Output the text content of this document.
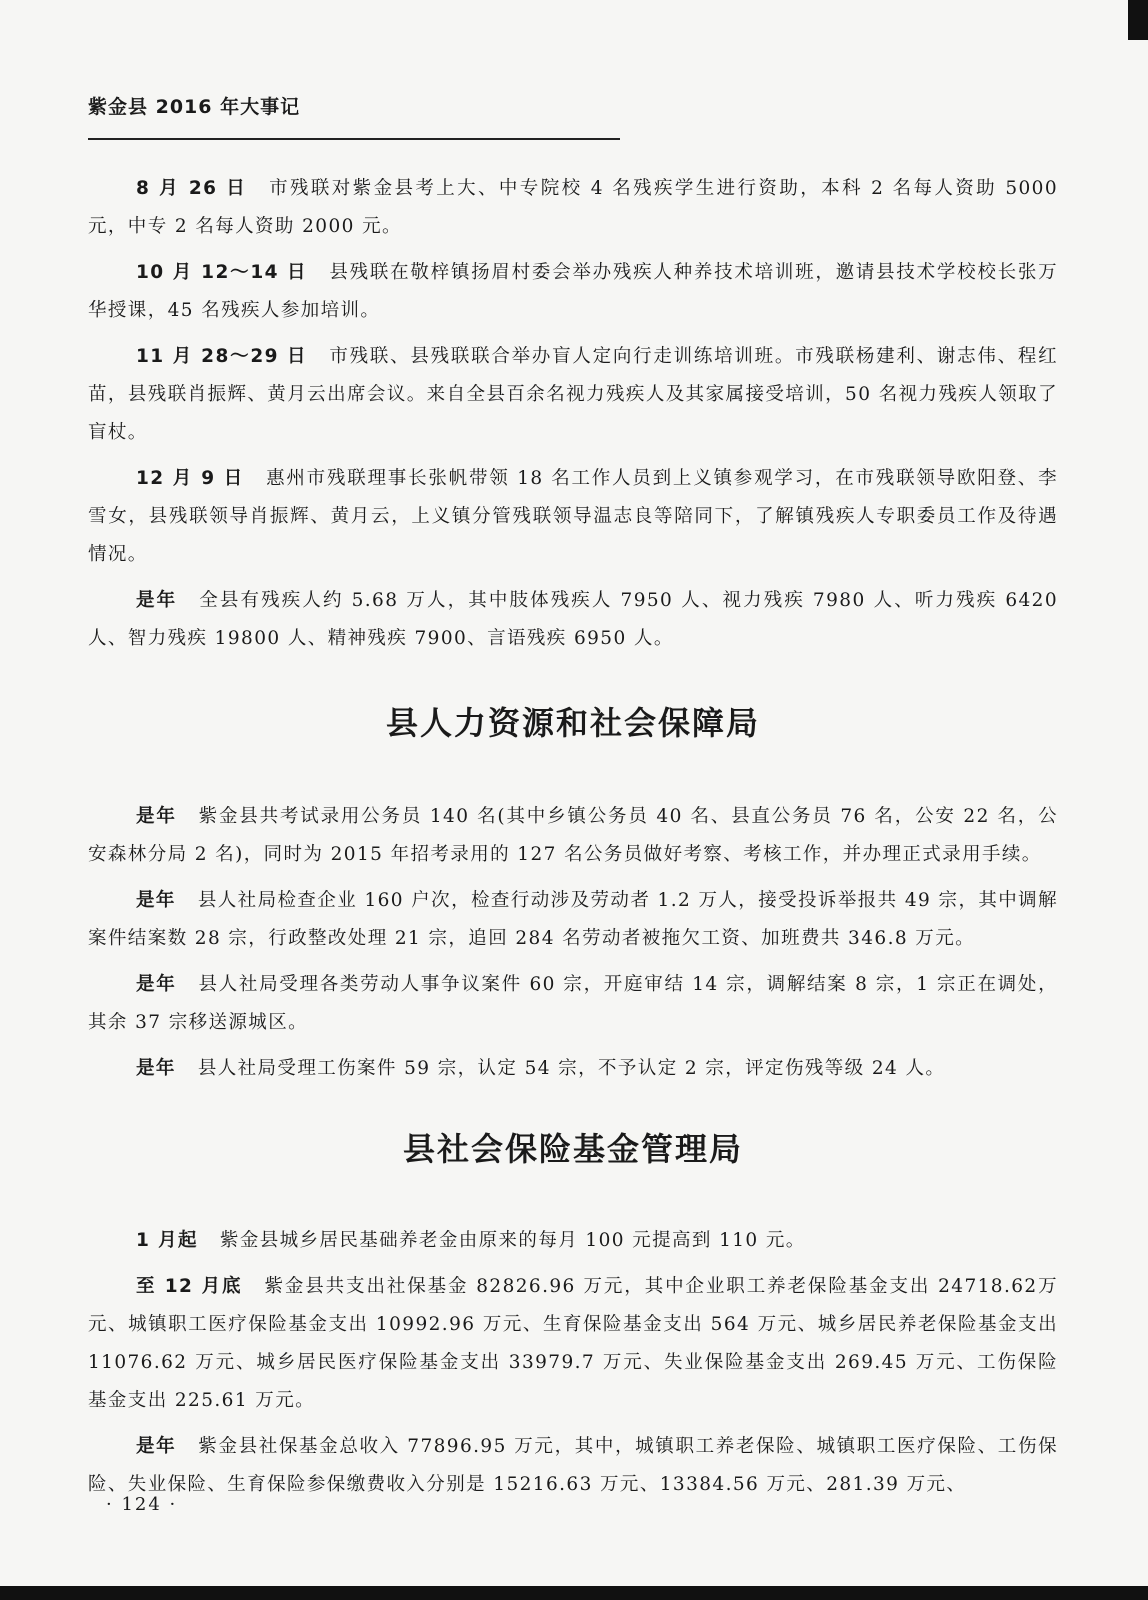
紫金县 2016 年大事记

8 月 26 日 市残联对紫金县考上大、中专院校 4 名残疾学生进行资助，本科 2 名每人资助 5000 元，中专 2 名每人资助 2000 元。

10 月 12～14 日 县残联在敬梓镇扬眉村委会举办残疾人种养技术培训班，邀请县技术学校校长张万华授课，45 名残疾人参加培训。

11 月 28～29 日 市残联、县残联联合举办盲人定向行走训练培训班。市残联杨建利、谢志伟、程红苗，县残联肖振辉、黄月云出席会议。来自全县百余名视力残疾人及其家属接受培训，50 名视力残疾人领取了盲杖。

12 月 9 日 惠州市残联理事长张帆带领 18 名工作人员到上义镇参观学习，在市残联领导欧阳登、李雪女，县残联领导肖振辉、黄月云，上义镇分管残联领导温志良等陪同下，了解镇残疾人专职委员工作及待遇情况。

是年 全县有残疾人约 5.68 万人，其中肢体残疾人 7950 人、视力残疾 7980 人、听力残疾 6420 人、智力残疾 19800 人、精神残疾 7900、言语残疾 6950 人。

县人力资源和社会保障局

是年 紫金县共考试录用公务员 140 名(其中乡镇公务员 40 名、县直公务员 76 名，公安 22 名，公安森林分局 2 名)，同时为 2015 年招考录用的 127 名公务员做好考察、考核工作，并办理正式录用手续。

是年 县人社局检查企业 160 户次，检查行动涉及劳动者 1.2 万人，接受投诉举报共 49 宗，其中调解案件结案数 28 宗，行政整改处理 21 宗，追回 284 名劳动者被拖欠工资、加班费共 346.8 万元。

是年 县人社局受理各类劳动人事争议案件 60 宗，开庭审结 14 宗，调解结案 8 宗，1 宗正在调处，其余 37 宗移送源城区。

是年 县人社局受理工伤案件 59 宗，认定 54 宗，不予认定 2 宗，评定伤残等级 24 人。

县社会保险基金管理局

1 月起 紫金县城乡居民基础养老金由原来的每月 100 元提高到 110 元。

至 12 月底 紫金县共支出社保基金 82826.96 万元，其中企业职工养老保险基金支出 24718.62万元、城镇职工医疗保险基金支出 10992.96 万元、生育保险基金支出 564 万元、城乡居民养老保险基金支出 11076.62 万元、城乡居民医疗保险基金支出 33979.7 万元、失业保险基金支出 269.45 万元、工伤保险基金支出 225.61 万元。

是年 紫金县社保基金总收入 77896.95 万元，其中，城镇职工养老保险、城镇职工医疗保险、工伤保险、失业保险、生育保险参保缴费收入分别是 15216.63 万元、13384.56 万元、281.39 万元、

· 124 ·
